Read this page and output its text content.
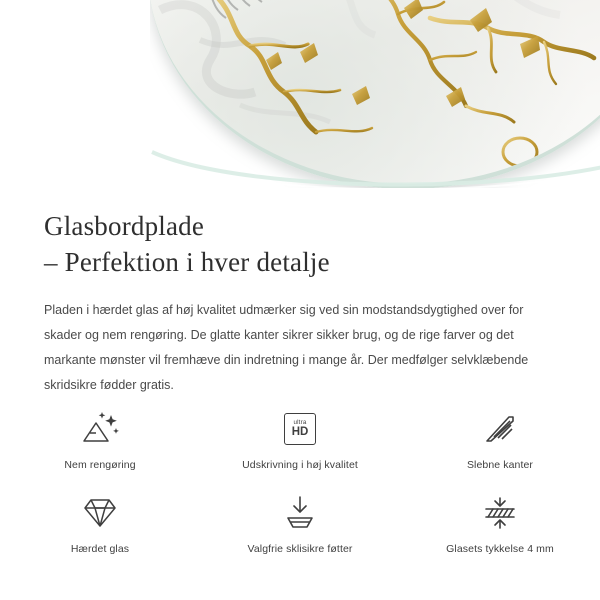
Glasbordplade
– Perfektion i hver detalje

Pladen i hærdet glas af høj kvalitet udmærker sig ved sin modstandsdygtighed over for skader og nem rengøring. De glatte kanter sikrer sikker brug, og de rige farver og det markante mønster vil fremhæve din indretning i mange år. Der medfølger selvklæbende skridsikre fødder gratis.

Nem rengøring
ultra
HD
Udskrivning i høj kvalitet	Slebne kanter
Hærdet glas	Valgfrie sklisikre føtter	Glasets tykkelse 4 mm
